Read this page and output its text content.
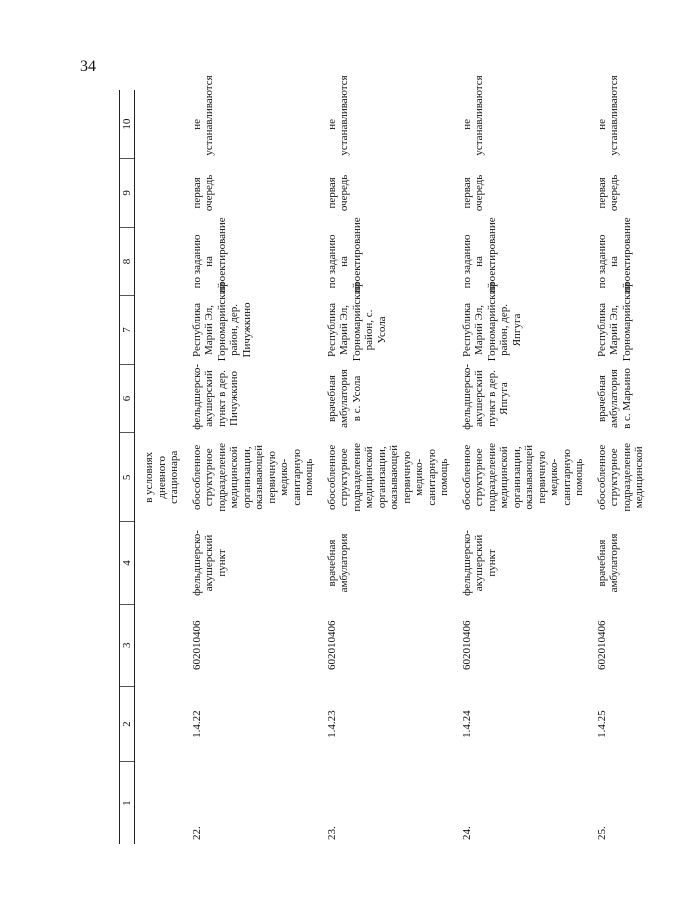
34
1	2	3	4	5	6	7	8	9	10
				в условиях дневного стационара					
22.	1.4.22	602010406	фельдшерско-акушерский пункт	обособленное структурное подразделение медицинской организации, оказывающей первичную медико-санитарную помощь	фельдшерско-акушерский пункт в дер. Пичужкино	Республика Марий Эл, Горномарийский район, дер. Пичужкино	по заданию на проектирование	первая очередь	не устанавливаются
23.	1.4.23	602010406	врачебная амбулатория	обособленное структурное подразделение медицинской организации, оказывающей первичную медико-санитарную помощь	врачебная амбулатория в с. Усола	Республика Марий Эл, Горномарийский район, с. Усола	по заданию на проектирование	первая очередь	не устанавливаются
24.	1.4.24	602010406	фельдшерско-акушерский пункт	обособленное структурное подразделение медицинской организации, оказывающей первичную медико-санитарную помощь	фельдшерско-акушерский пункт в дер. Япгуга	Республика Марий Эл, Горномарийский район, дер. Япгуга	по заданию на проектирование	первая очередь	не устанавливаются
25.	1.4.25	602010406	врачебная амбулатория	обособленное структурное подразделение медицинской	врачебная амбулатория в с. Марьино	Республика Марий Эл, Горномарийский	по заданию на проектирование	первая очередь	не устанавливаются
